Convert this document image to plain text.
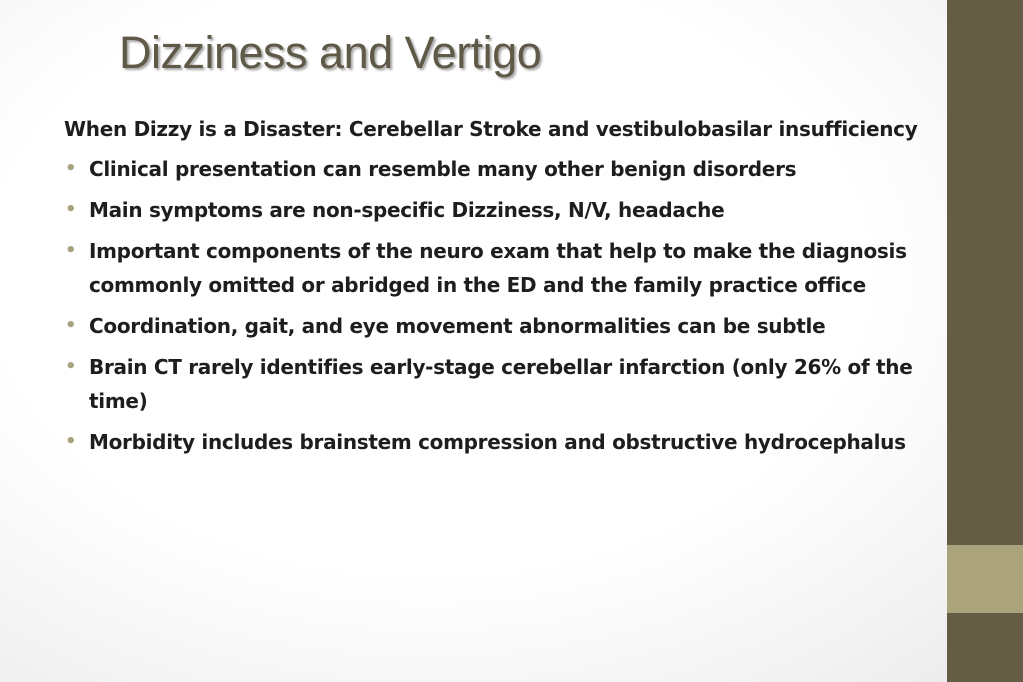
Dizziness and Vertigo

When Dizzy is a Disaster: Cerebellar Stroke and vestibulobasilar insufficiency

• Clinical presentation can resemble many other benign disorders
• Main symptoms are non-specific Dizziness, N/V, headache
• Important components of the neuro exam that help to make the diagnosis commonly omitted or abridged in the ED and the family practice office
• Coordination, gait, and eye movement abnormalities can be subtle
• Brain CT rarely identifies early-stage cerebellar infarction (only 26% of the time)
• Morbidity includes brainstem compression and obstructive hydrocephalus
